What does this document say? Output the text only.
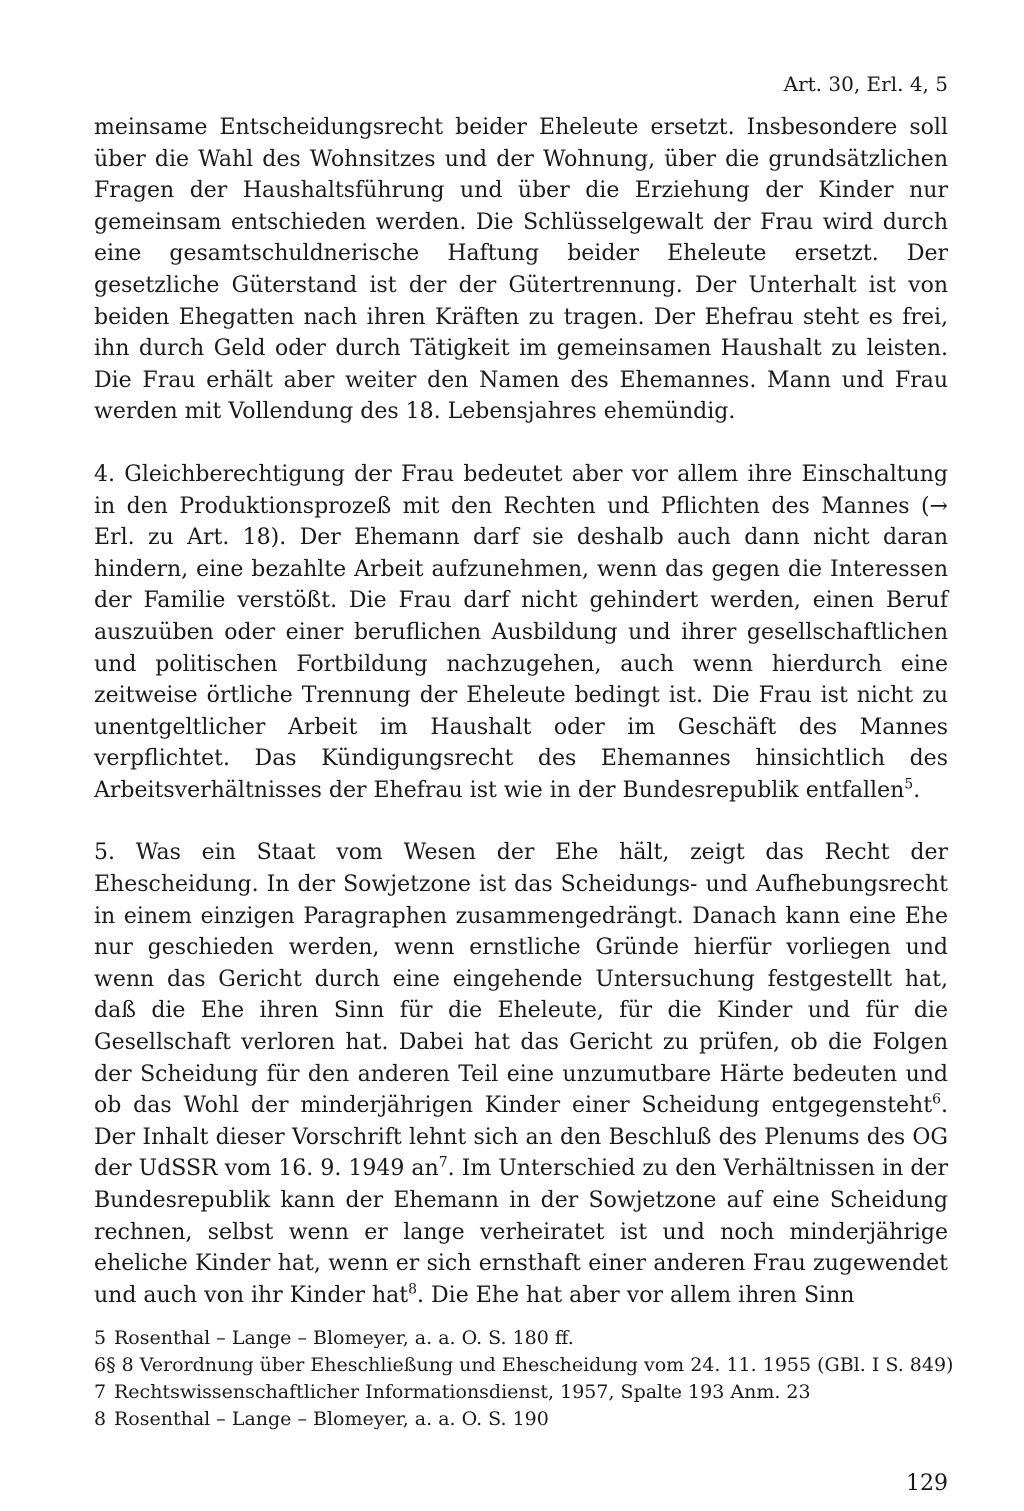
Art. 30, Erl. 4, 5

meinsame Entscheidungsrecht beider Eheleute ersetzt. Insbesondere soll über die Wahl des Wohnsitzes und der Wohnung, über die grundsätzlichen Fragen der Haushaltsführung und über die Erziehung der Kinder nur gemeinsam entschieden werden. Die Schlüsselgewalt der Frau wird durch eine gesamtschuldnerische Haftung beider Eheleute ersetzt. Der gesetzliche Güterstand ist der der Gütertrennung. Der Unterhalt ist von beiden Ehegatten nach ihren Kräften zu tragen. Der Ehefrau steht es frei, ihn durch Geld oder durch Tätigkeit im gemeinsamen Haushalt zu leisten. Die Frau erhält aber weiter den Namen des Ehemannes. Mann und Frau werden mit Vollendung des 18. Lebensjahres ehemündig.

4. Gleichberechtigung der Frau bedeutet aber vor allem ihre Einschaltung in den Produktionsprozeß mit den Rechten und Pflichten des Mannes (→ Erl. zu Art. 18). Der Ehemann darf sie deshalb auch dann nicht daran hindern, eine bezahlte Arbeit aufzunehmen, wenn das gegen die Interessen der Familie verstößt. Die Frau darf nicht gehindert werden, einen Beruf auszuüben oder einer beruflichen Ausbildung und ihrer gesellschaftlichen und politischen Fortbildung nachzugehen, auch wenn hierdurch eine zeitweise örtliche Trennung der Eheleute bedingt ist. Die Frau ist nicht zu unentgeltlicher Arbeit im Haushalt oder im Geschäft des Mannes verpflichtet. Das Kündigungsrecht des Ehemannes hinsichtlich des Arbeitsverhältnisses der Ehefrau ist wie in der Bundesrepublik entfallen$^5$.

5. Was ein Staat vom Wesen der Ehe hält, zeigt das Recht der Ehescheidung. In der Sowjetzone ist das Scheidungs- und Aufhebungsrecht in einem einzigen Paragraphen zusammengedrängt. Danach kann eine Ehe nur geschieden werden, wenn ernstliche Gründe hierfür vorliegen und wenn das Gericht durch eine eingehende Untersuchung festgestellt hat, daß die Ehe ihren Sinn für die Eheleute, für die Kinder und für die Gesellschaft verloren hat. Dabei hat das Gericht zu prüfen, ob die Folgen der Scheidung für den anderen Teil eine unzumutbare Härte bedeuten und ob das Wohl der minderjährigen Kinder einer Scheidung entgegensteht$^6$. Der Inhalt dieser Vorschrift lehnt sich an den Beschluß des Plenums des OG der UdSSR vom 16. 9. 1949 an$^7$. Im Unterschied zu den Verhältnissen in der Bundesrepublik kann der Ehemann in der Sowjetzone auf eine Scheidung rechnen, selbst wenn er lange verheiratet ist und noch minderjährige eheliche Kinder hat, wenn er sich ernsthaft einer anderen Frau zugewendet und auch von ihr Kinder hat$^8$. Die Ehe hat aber vor allem ihren Sinn

5 Rosenthal – Lange – Blomeyer, a. a. O. S. 180 ff.
6 § 8 Verordnung über Eheschließung und Ehescheidung vom 24. 11. 1955 (GBl. I S. 849)
7 Rechtswissenschaftlicher Informationsdienst, 1957, Spalte 193 Anm. 23
8 Rosenthal – Lange – Blomeyer, a. a. O. S. 190
129
